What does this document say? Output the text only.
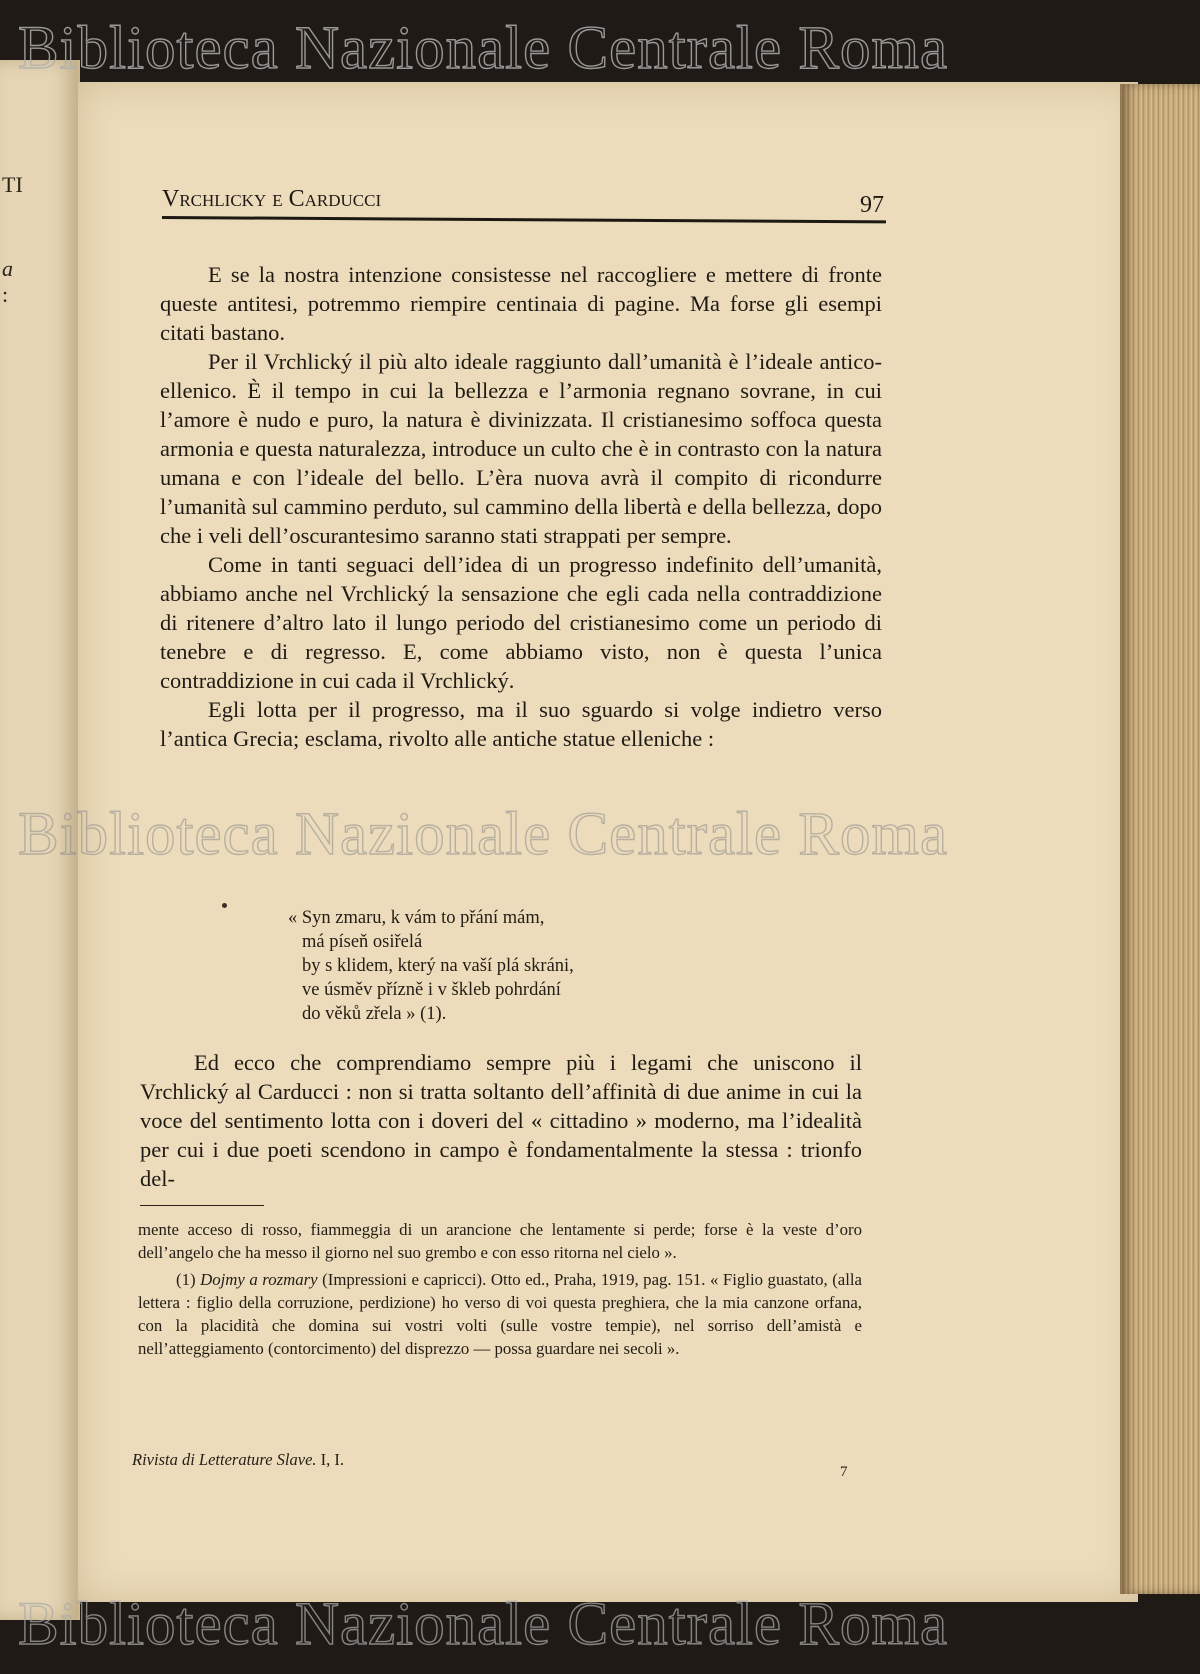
TI
a
:
Vrchlicky e Carducci	97

E se la nostra intenzione consistesse nel raccogliere e mettere di fronte queste antitesi, potremmo riempire centinaia di pagine. Ma forse gli esempi citati bastano.

Per il Vrchlický il più alto ideale raggiunto dall’umanità è l’ideale antico-ellenico. È il tempo in cui la bellezza e l’armonia regnano sovrane, in cui l’amore è nudo e puro, la natura è divinizzata. Il cristianesimo soffoca questa armonia e questa naturalezza, introduce un culto che è in contrasto con la natura umana e con l’ideale del bello. L’èra nuova avrà il compito di ricondurre l’umanità sul cammino perduto, sul cammino della libertà e della bellezza, dopo che i veli dell’oscurantesimo saranno stati strappati per sempre.

Come in tanti seguaci dell’idea di un progresso indefinito dell’umanità, abbiamo anche nel Vrchlický la sensazione che egli cada nella contraddizione di ritenere d’altro lato il lungo periodo del cristianesimo come un periodo di tenebre e di regresso. E, come abbiamo visto, non è questa l’unica contraddizione in cui cada il Vrchlický.

Egli lotta per il progresso, ma il suo sguardo si volge indietro verso l’antica Grecia; esclama, rivolto alle antiche statue elleniche :

« Syn zmaru, k vám to přání mám,
má píseň osiřelá
by s klidem, který na vaší plá skráni,
ve úsměv přízně i v škleb pohrdání
do věků zřela » (1).

Ed ecco che comprendiamo sempre più i legami che uniscono il Vrchlický al Carducci : non si tratta soltanto dell’affinità di due anime in cui la voce del sentimento lotta con i doveri del « cittadino » moderno, ma l’idealità per cui i due poeti scendono in campo è fondamentalmente la stessa : trionfo del-

mente acceso di rosso, fiammeggia di un arancione che lentamente si perde; forse è la veste d’oro dell’angelo che ha messo il giorno nel suo grembo e con esso ritorna nel cielo ».

(1) Dojmy a rozmary (Impressioni e capricci). Otto ed., Praha, 1919, pag. 151. « Figlio guastato, (alla lettera : figlio della corruzione, perdizione) ho verso di voi questa preghiera, che la mia canzone orfana, con la placidità che domina sui vostri volti (sulle vostre tempie), nel sorriso dell’amistà e nell’atteggiamento (contorcimento) del disprezzo — possa guardare nei secoli ».

Rivista di Letterature Slave. I, I.
7
Biblioteca Nazionale Centrale Roma
Biblioteca Nazionale Centrale Roma
Biblioteca Nazionale Centrale Roma
